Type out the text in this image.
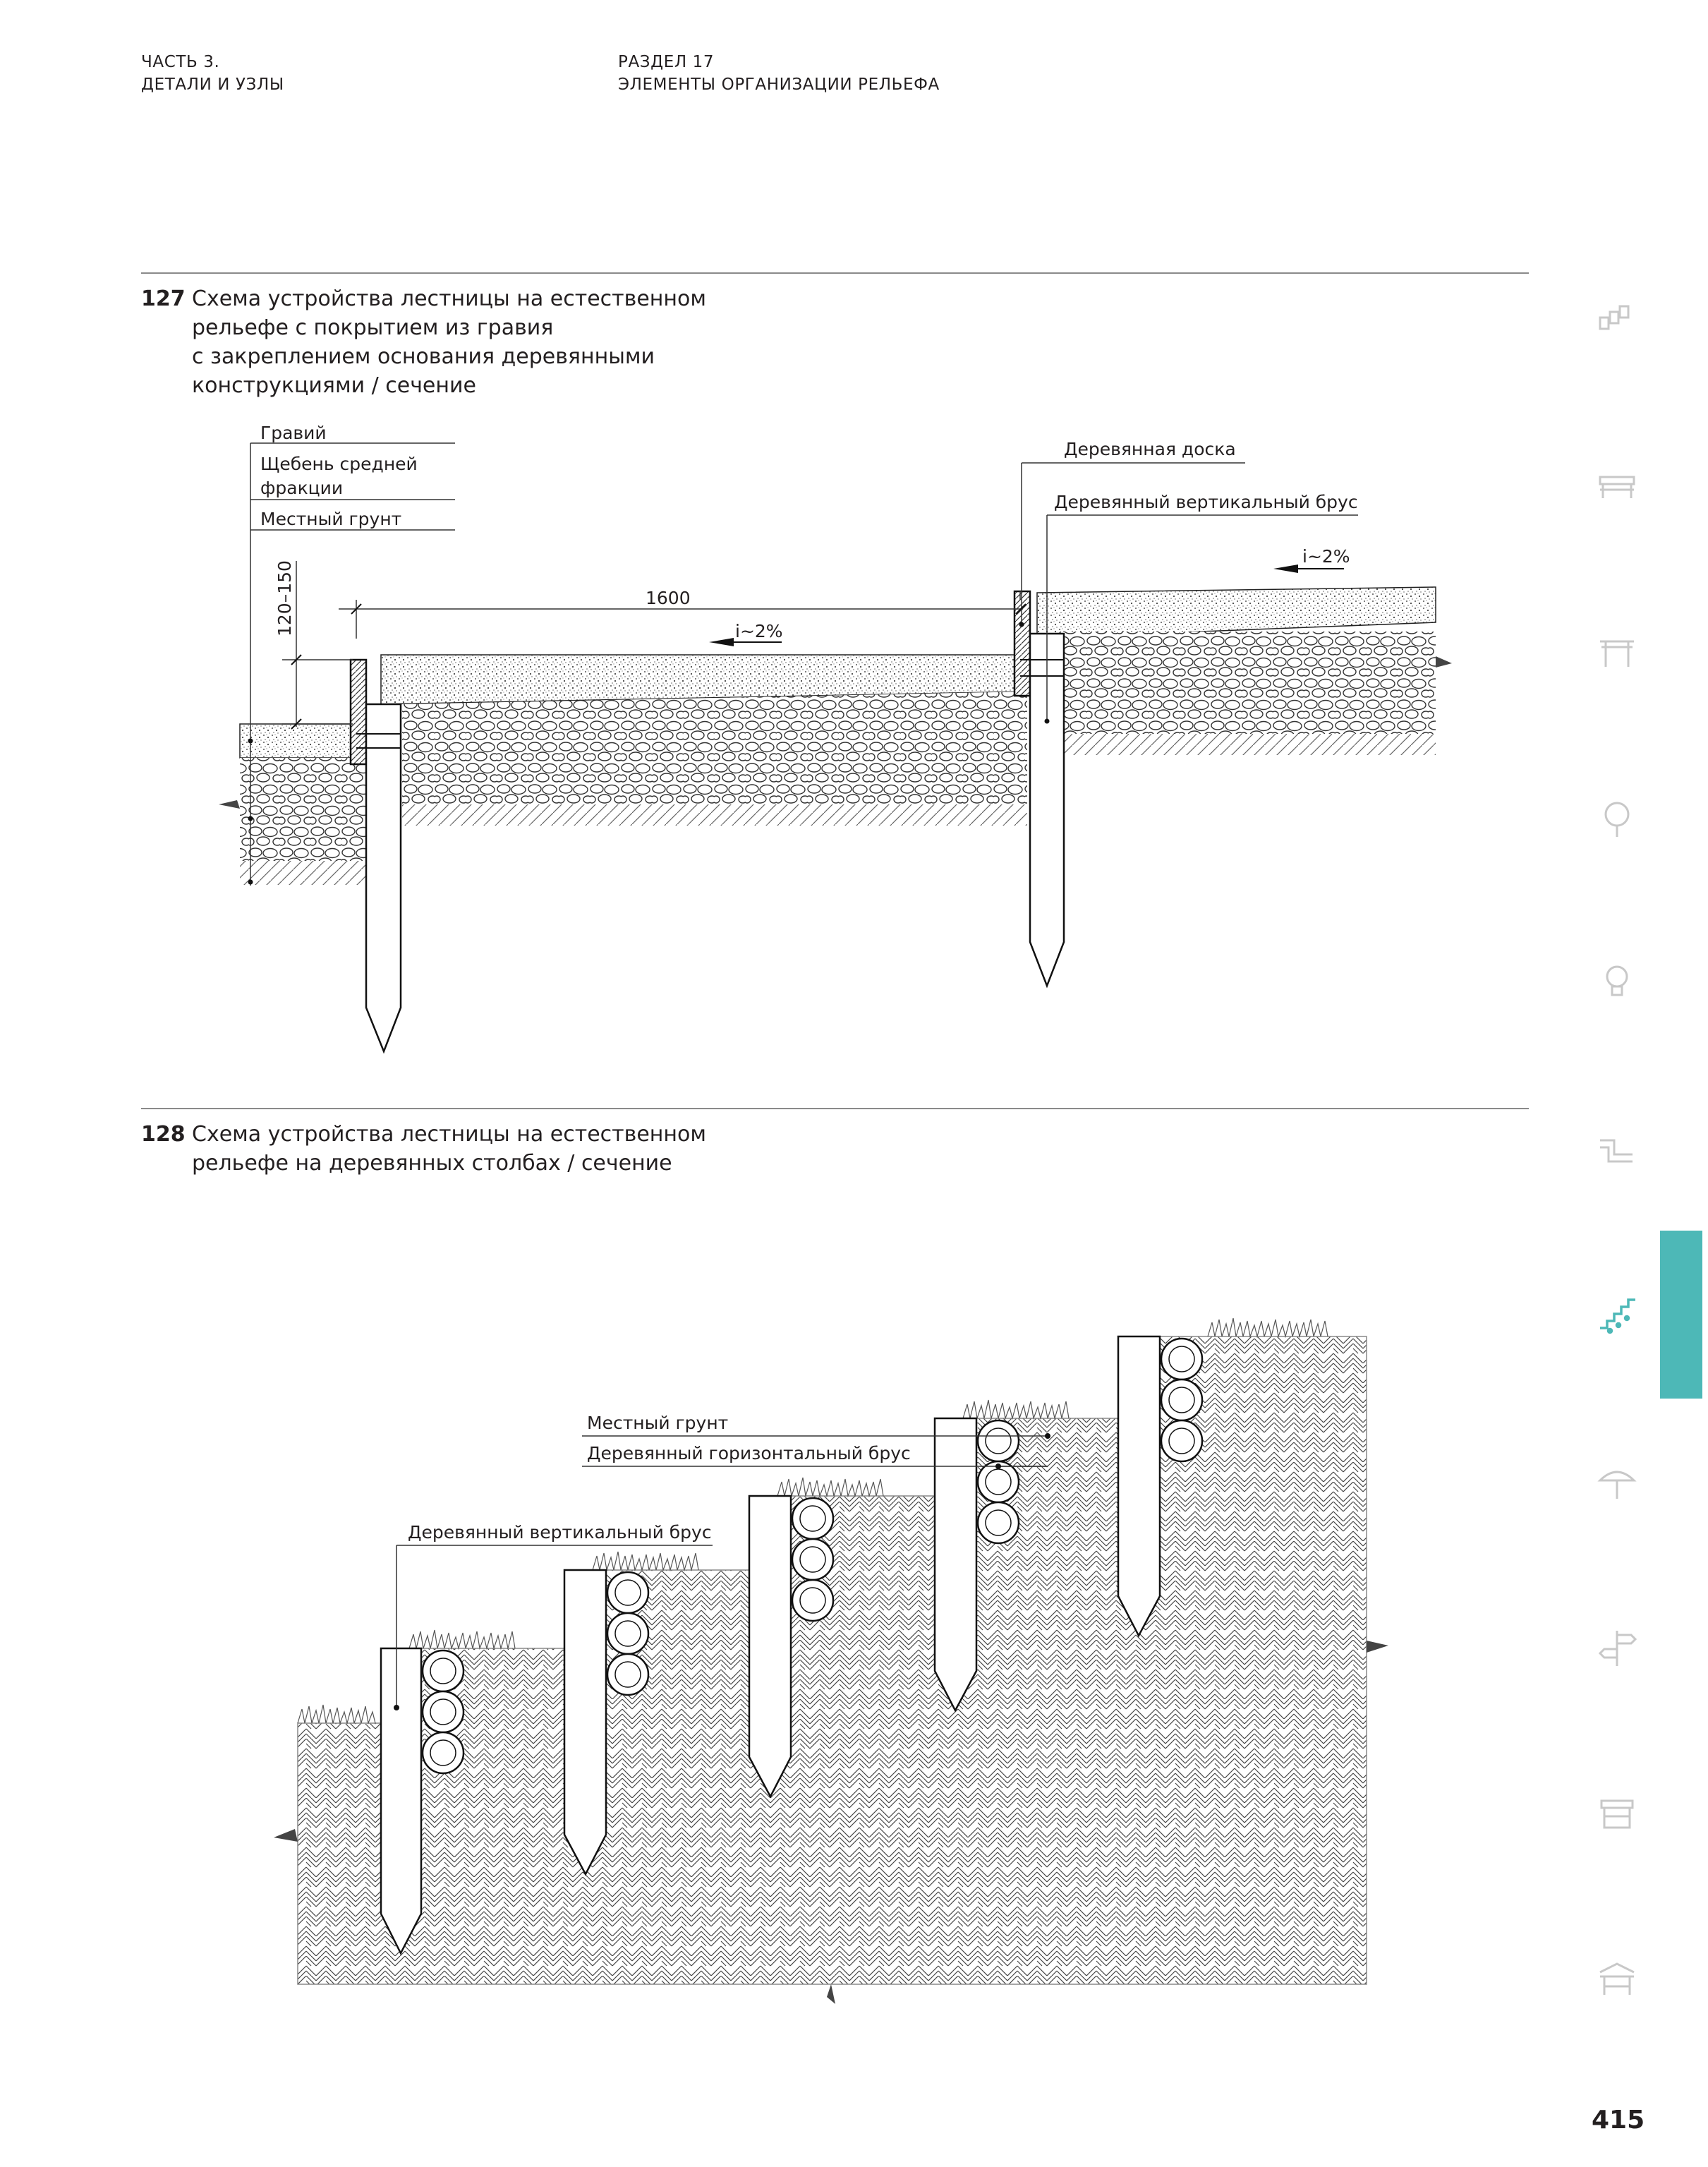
ЧАСТЬ 3.
ДЕТАЛИ И УЗЛЫ
РАЗДЕЛ 17
ЭЛЕМЕНТЫ ОРГАНИЗАЦИИ РЕЛЬЕФА
127 Схема устройства лестницы на естественном
рельефе с покрытием из гравия
с закреплением основания деревянными
конструкциями / сечение
128 Схема устройства лестницы на естественном
рельефе на деревянных столбах / сечение
Гравий
Щебень средней
фракции
Местный грунт
Деревянная доска
Деревянный вертикальный брус
i~2%
i~2%
1600
120–150
Местный грунт
Деревянный горизонтальный брус
Деревянный вертикальный брус
415
